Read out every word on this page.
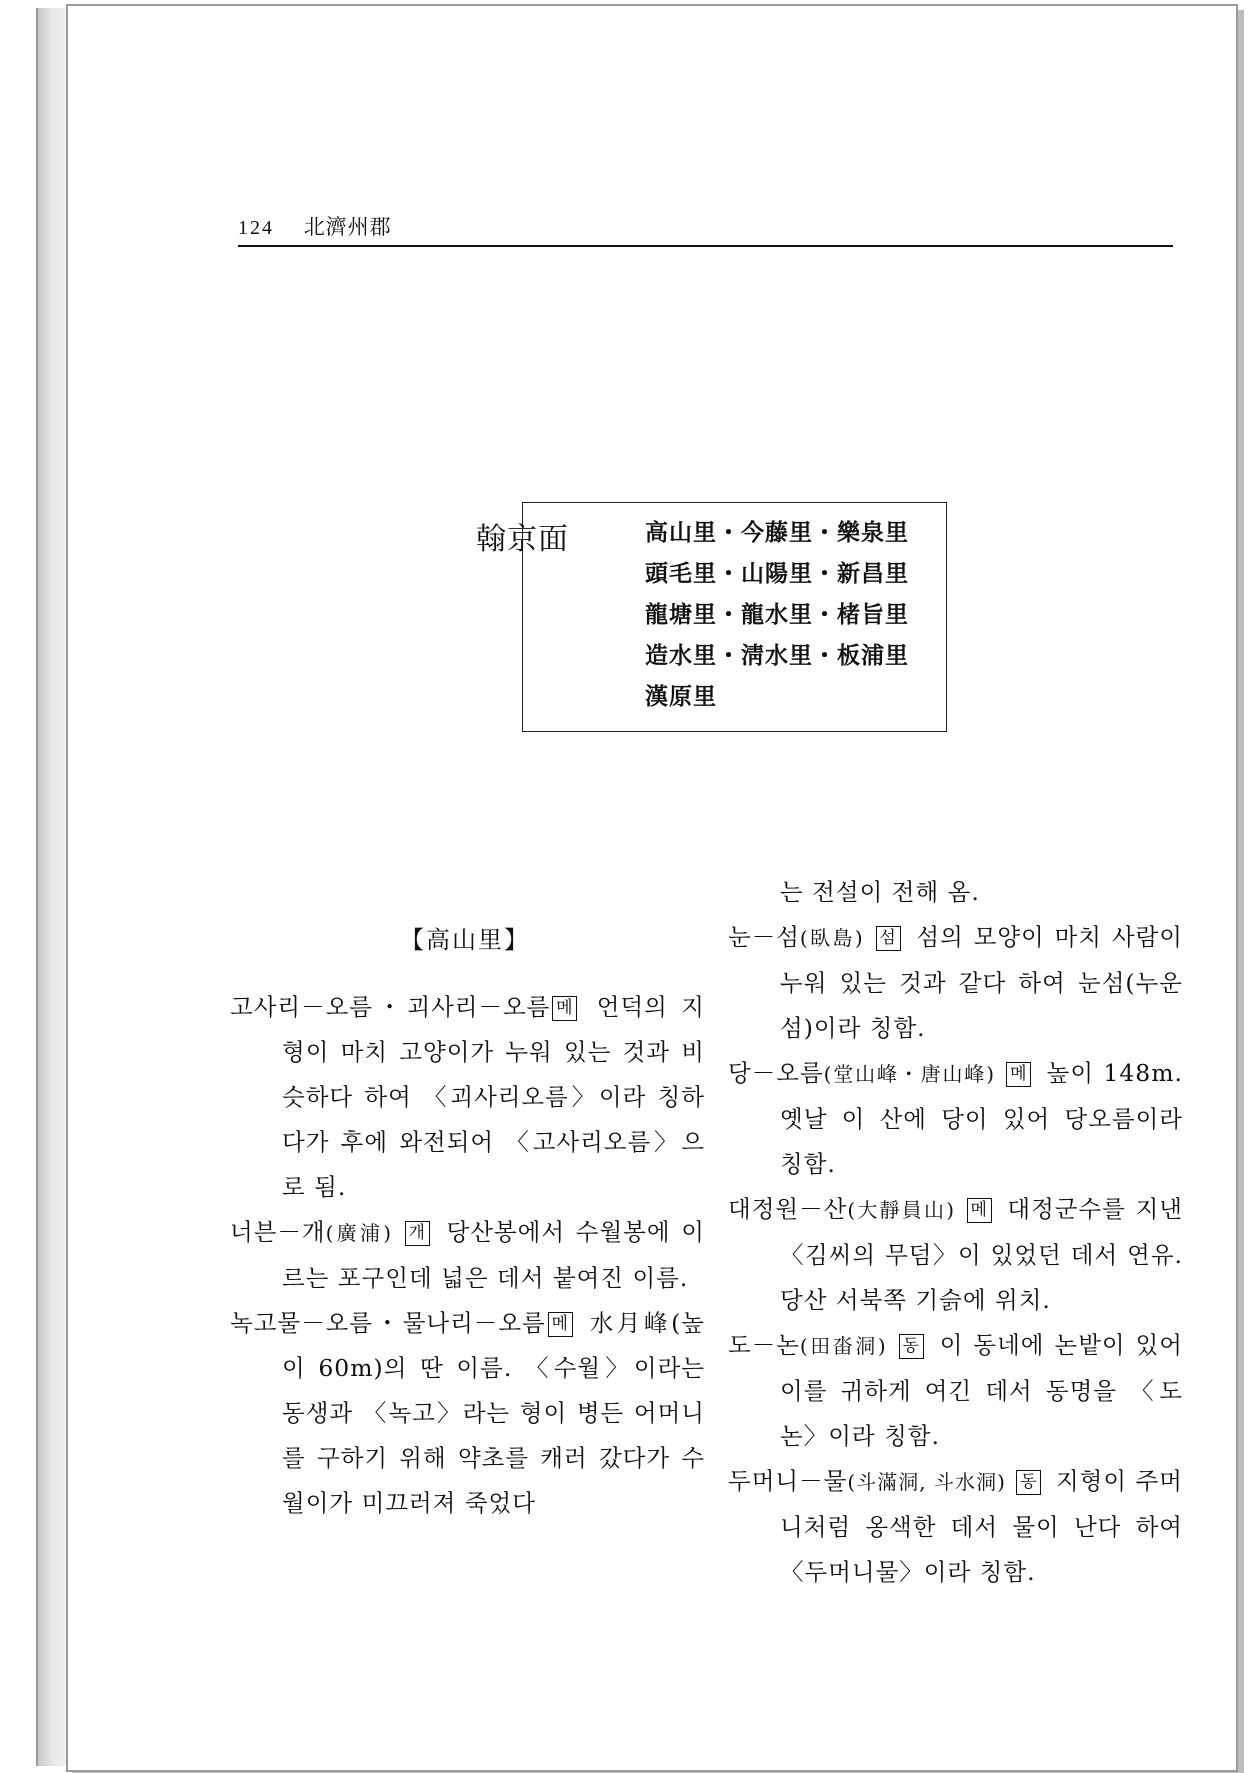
124 北濟州郡
翰京面	高山里・今藤里・樂泉里
頭毛里・山陽里・新昌里
龍塘里・龍水里・楮旨里
造水里・淸水里・板浦里
漢原里
【高山里】
고사리－오름・괴사리－오름 메 언덕의 지형이 마치 고양이가 누워 있는 것과 비슷하다 하여 〈괴사리오름〉이라 칭하다가 후에 와전되어 〈고사리오름〉으로 됨.
너븐－개(廣浦) 개 당산봉에서 수월봉에 이르는 포구인데 넓은 데서 붙여진 이름.
녹고물－오름・물나리－오름 메 水月峰(높이 60m)의 딴 이름. 〈수월〉이라는 동생과 〈녹고〉라는 형이 병든 어머니를 구하기 위해 약초를 캐러 갔다가 수월이가 미끄러져 죽었다
는 전설이 전해 옴.
눈－섬(臥島) 섬 섬의 모양이 마치 사람이 누워 있는 것과 같다 하여 눈섬(누운섬)이라 칭함.
당－오름(堂山峰・唐山峰) 메 높이 148m. 옛날 이 산에 당이 있어 당오름이라 칭함.
대정원－산(大靜員山) 메 대정군수를 지낸 〈김씨의 무덤〉이 있었던 데서 연유. 당산 서북쪽 기슭에 위치.
도－논(田畓洞) 동 이 동네에 논밭이 있어 이를 귀하게 여긴 데서 동명을 〈도논〉이라 칭함.
두머니－물(斗滿洞, 斗水洞) 동 지형이 주머니처럼 옹색한 데서 물이 난다 하여 〈두머니물〉이라 칭함.
